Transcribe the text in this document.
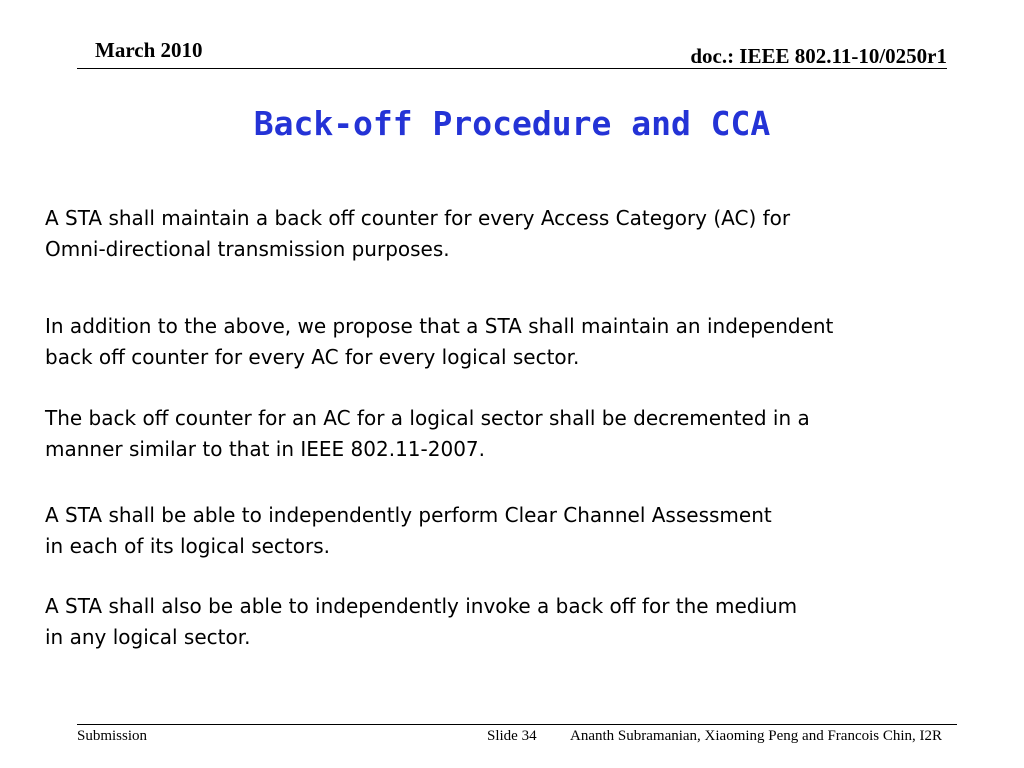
March 2010	doc.: IEEE 802.11-10/0250r1
Back-off Procedure and CCA

A STA shall maintain a back off counter for every Access Category (AC) for
Omni-directional transmission purposes.

In addition to the above, we propose that a STA shall maintain an independent
back off counter for every AC for every logical sector.

The back off counter for an AC for a logical sector shall be decremented in a
manner similar to that in IEEE 802.11-2007.

A STA shall be able to independently perform Clear Channel Assessment
in each of its logical sectors.

A STA shall also be able to independently invoke a back off for the medium
in any logical sector.

Submission	Slide 34 Ananth Subramanian, Xiaoming Peng and Francois Chin, I2R
